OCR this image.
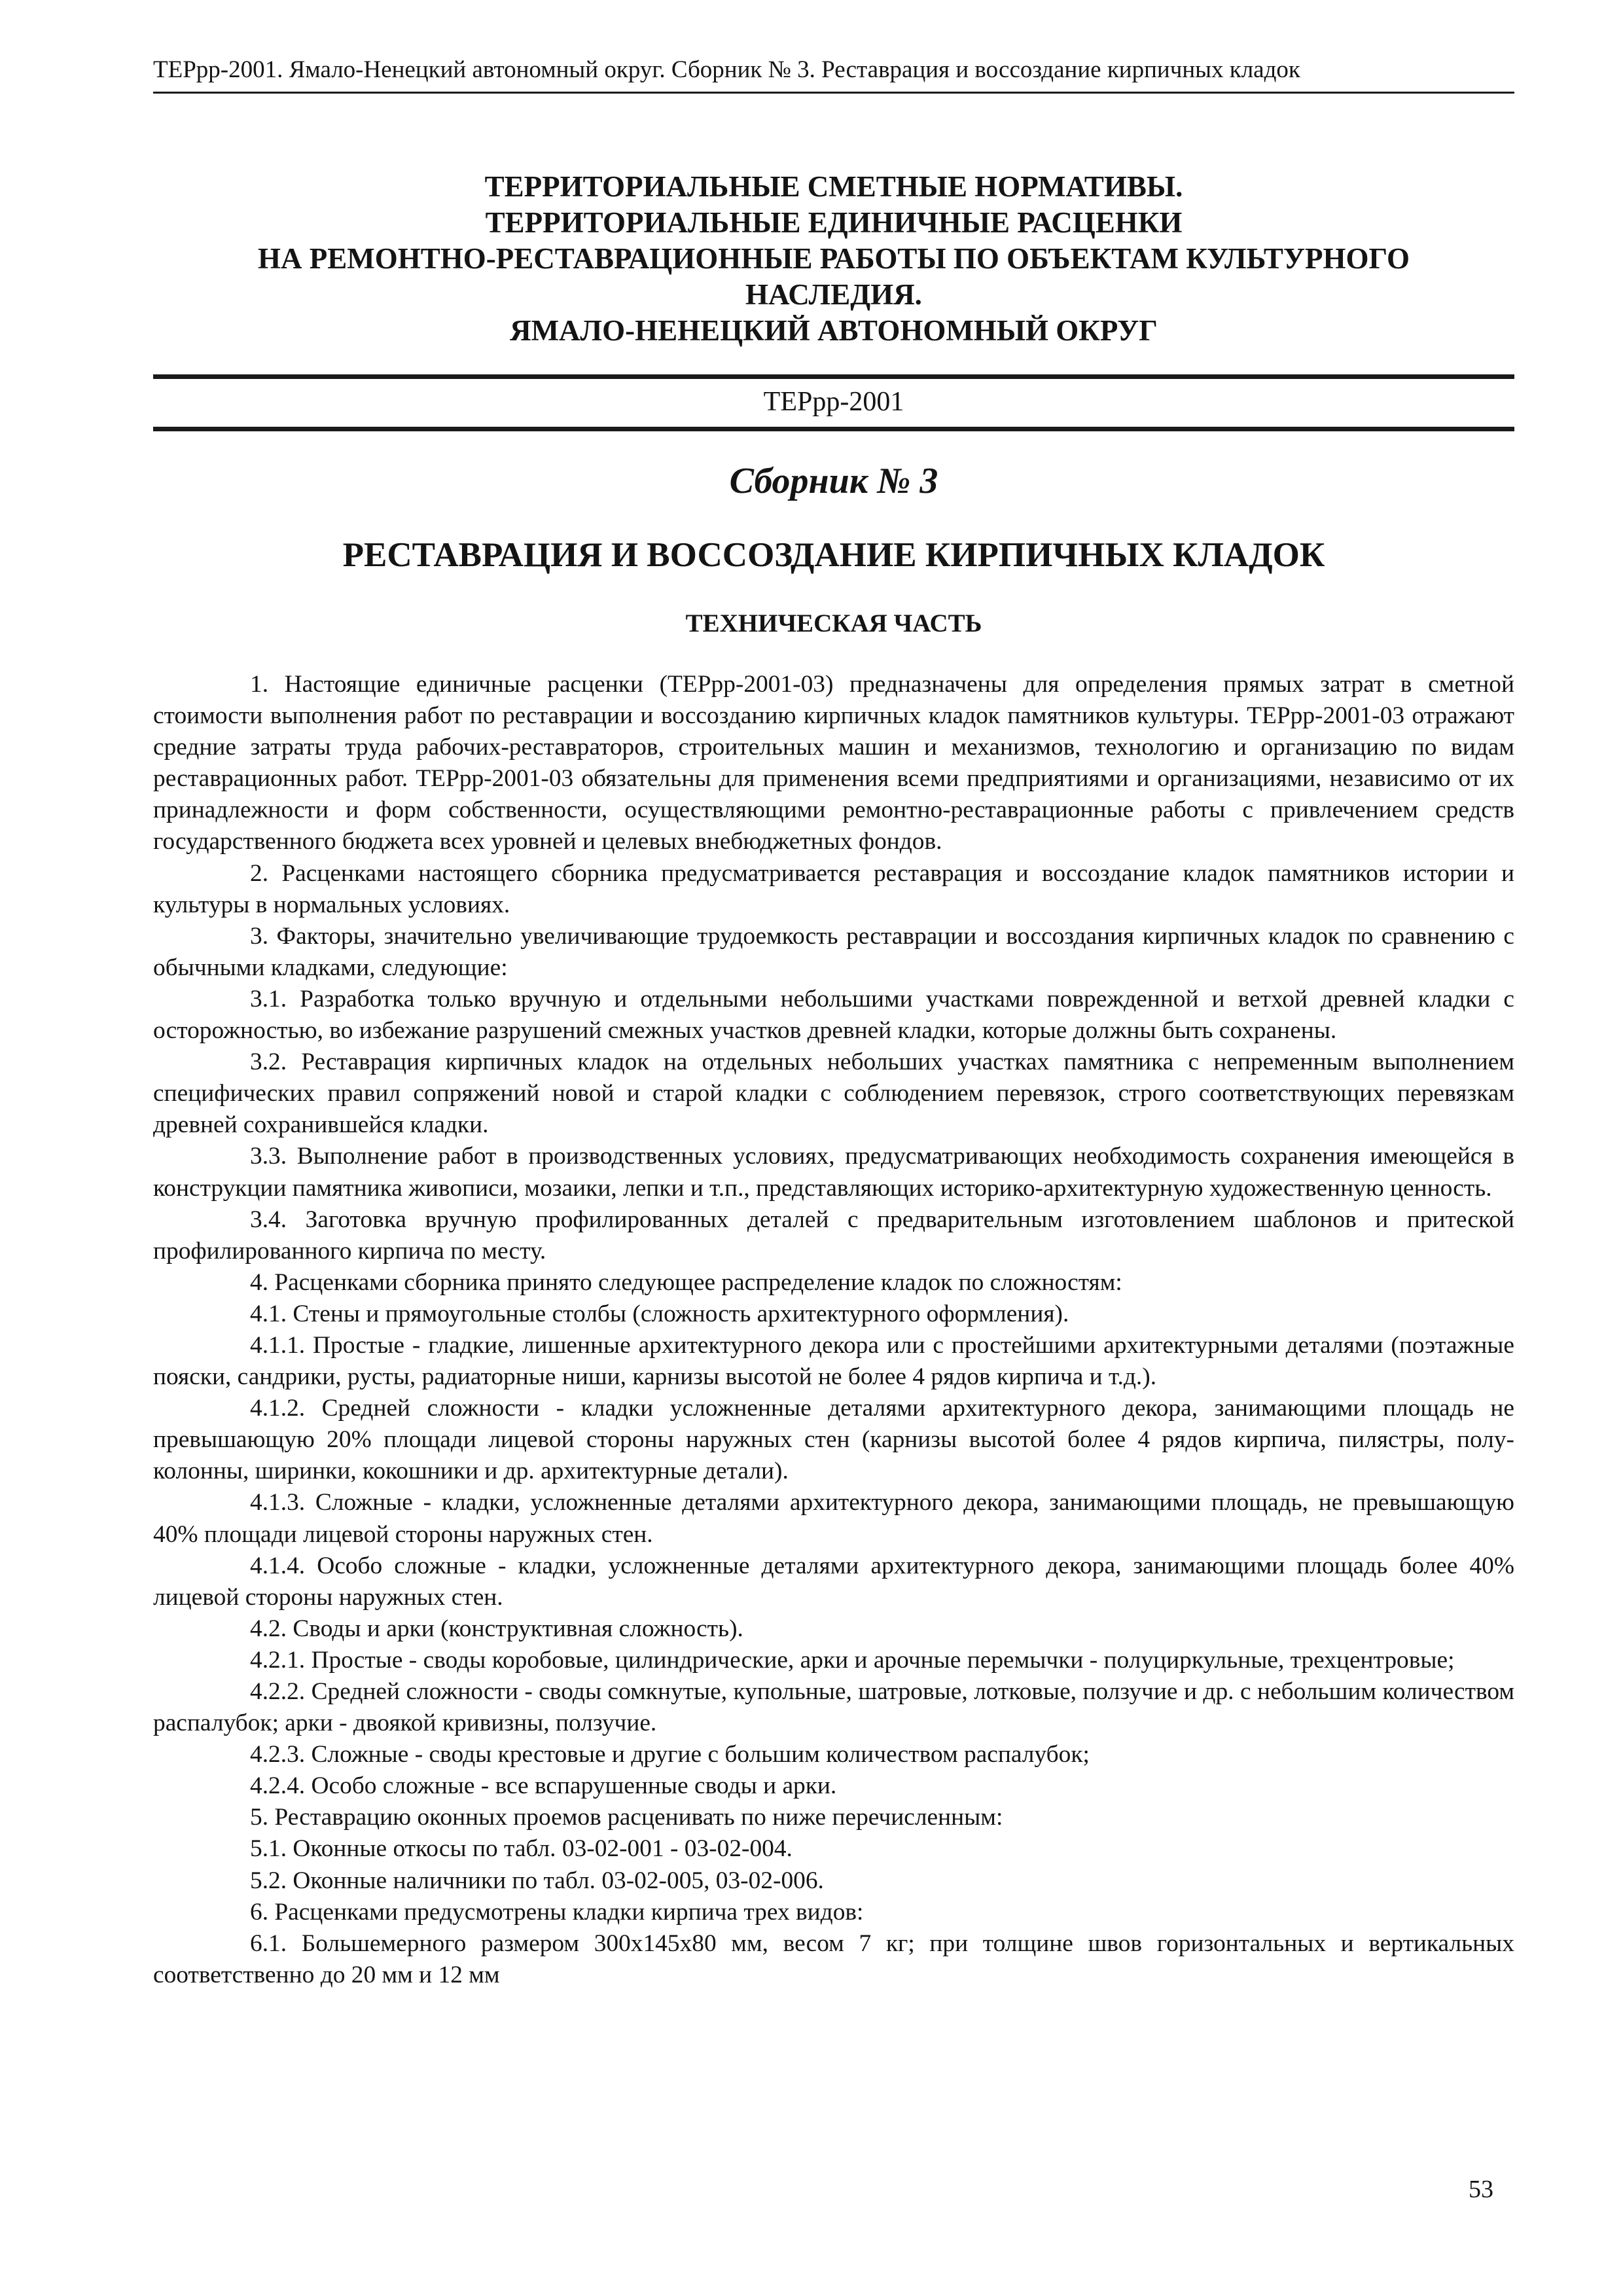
ТЕРрр-2001. Ямало-Ненецкий автономный округ. Сборник № 3. Реставрация и воссоздание кирпичных кладок
ТЕРРИТОРИАЛЬНЫЕ СМЕТНЫЕ НОРМАТИВЫ.
ТЕРРИТОРИАЛЬНЫЕ ЕДИНИЧНЫЕ РАСЦЕНКИ
НА РЕМОНТНО-РЕСТАВРАЦИОННЫЕ РАБОТЫ ПО ОБЪЕКТАМ КУЛЬТУРНОГО
НАСЛЕДИЯ.
ЯМАЛО-НЕНЕЦКИЙ АВТОНОМНЫЙ ОКРУГ
ТЕРрр-2001
Сборник № 3
РЕСТАВРАЦИЯ И ВОССОЗДАНИЕ КИРПИЧНЫХ КЛАДОК
ТЕХНИЧЕСКАЯ ЧАСТЬ

1. Настоящие единичные расценки (ТЕРрр-2001-03) предназначены для определения прямых затрат в сметной стоимости выполнения работ по реставрации и воссозданию кирпичных кладок памятников культуры. ТЕРрр-2001-03 отражают средние затраты труда рабочих-реставраторов, строительных машин и механизмов, технологию и организацию по видам реставрационных работ. ТЕРрр-2001-03 обязательны для применения всеми предприятиями и организациями, независимо от их принадлежности и форм собственности, осуществляющими ремонтно-реставрационные работы с привлечением средств государственного бюджета всех уровней и целевых внебюджетных фондов.

2. Расценками настоящего сборника предусматривается реставрация и воссоздание кладок памятников истории и культуры в нормальных условиях.

3. Факторы, значительно увеличивающие трудоемкость реставрации и воссоздания кирпичных кладок по сравнению с обычными кладками, следующие:

3.1. Разработка только вручную и отдельными небольшими участками поврежденной и ветхой древней кладки с осторожностью, во избежание разрушений смежных участков древней кладки, которые должны быть сохранены.

3.2. Реставрация кирпичных кладок на отдельных небольших участках памятника с непременным выполнением специфических правил сопряжений новой и старой кладки с соблюдением перевязок, строго соответствующих перевязкам древней сохранившейся кладки.

3.3. Выполнение работ в производственных условиях, предусматривающих необходимость сохранения имеющейся в конструкции памятника живописи, мозаики, лепки и т.п., представляющих историко-архитектурную художественную ценность.

3.4. Заготовка вручную профилированных деталей с предварительным изготовлением шаблонов и притеской профилированного кирпича по месту.

4. Расценками сборника принято следующее распределение кладок по сложностям:

4.1. Стены и прямоугольные столбы (сложность архитектурного оформления).

4.1.1. Простые - гладкие, лишенные архитектурного декора или с простейшими архитектурными деталями (поэтажные пояски, сандрики, русты, радиаторные ниши, карнизы высотой не более 4 рядов кирпича и т.д.).

4.1.2. Средней сложности - кладки усложненные деталями архитектурного декора, занимающими площадь не превышающую 20% площади лицевой стороны наружных стен (карнизы высотой более 4 рядов кирпича, пилястры, полу-колонны, ширинки, кокошники и др. архитектурные детали).

4.1.3. Сложные - кладки, усложненные деталями архитектурного декора, занимающими площадь, не превышающую 40% площади лицевой стороны наружных стен.

4.1.4. Особо сложные - кладки, усложненные деталями архитектурного декора, занимающими площадь более 40% лицевой стороны наружных стен.

4.2. Своды и арки (конструктивная сложность).

4.2.1. Простые - своды коробовые, цилиндрические, арки и арочные перемычки - полуциркульные, трехцентровые;

4.2.2. Средней сложности - своды сомкнутые, купольные, шатровые, лотковые, ползучие и др. с небольшим количеством распалубок; арки - двоякой кривизны, ползучие.

4.2.3. Сложные - своды крестовые и другие с большим количеством распалубок;

4.2.4. Особо сложные - все вспарушенные своды и арки.

5. Реставрацию оконных проемов расценивать по ниже перечисленным:

5.1. Оконные откосы по табл. 03-02-001 - 03-02-004.

5.2. Оконные наличники по табл. 03-02-005, 03-02-006.

6. Расценками предусмотрены кладки кирпича трех видов:

6.1. Большемерного размером 300х145х80 мм, весом 7 кг; при толщине швов горизонтальных и вертикальных соответственно до 20 мм и 12 мм

53
